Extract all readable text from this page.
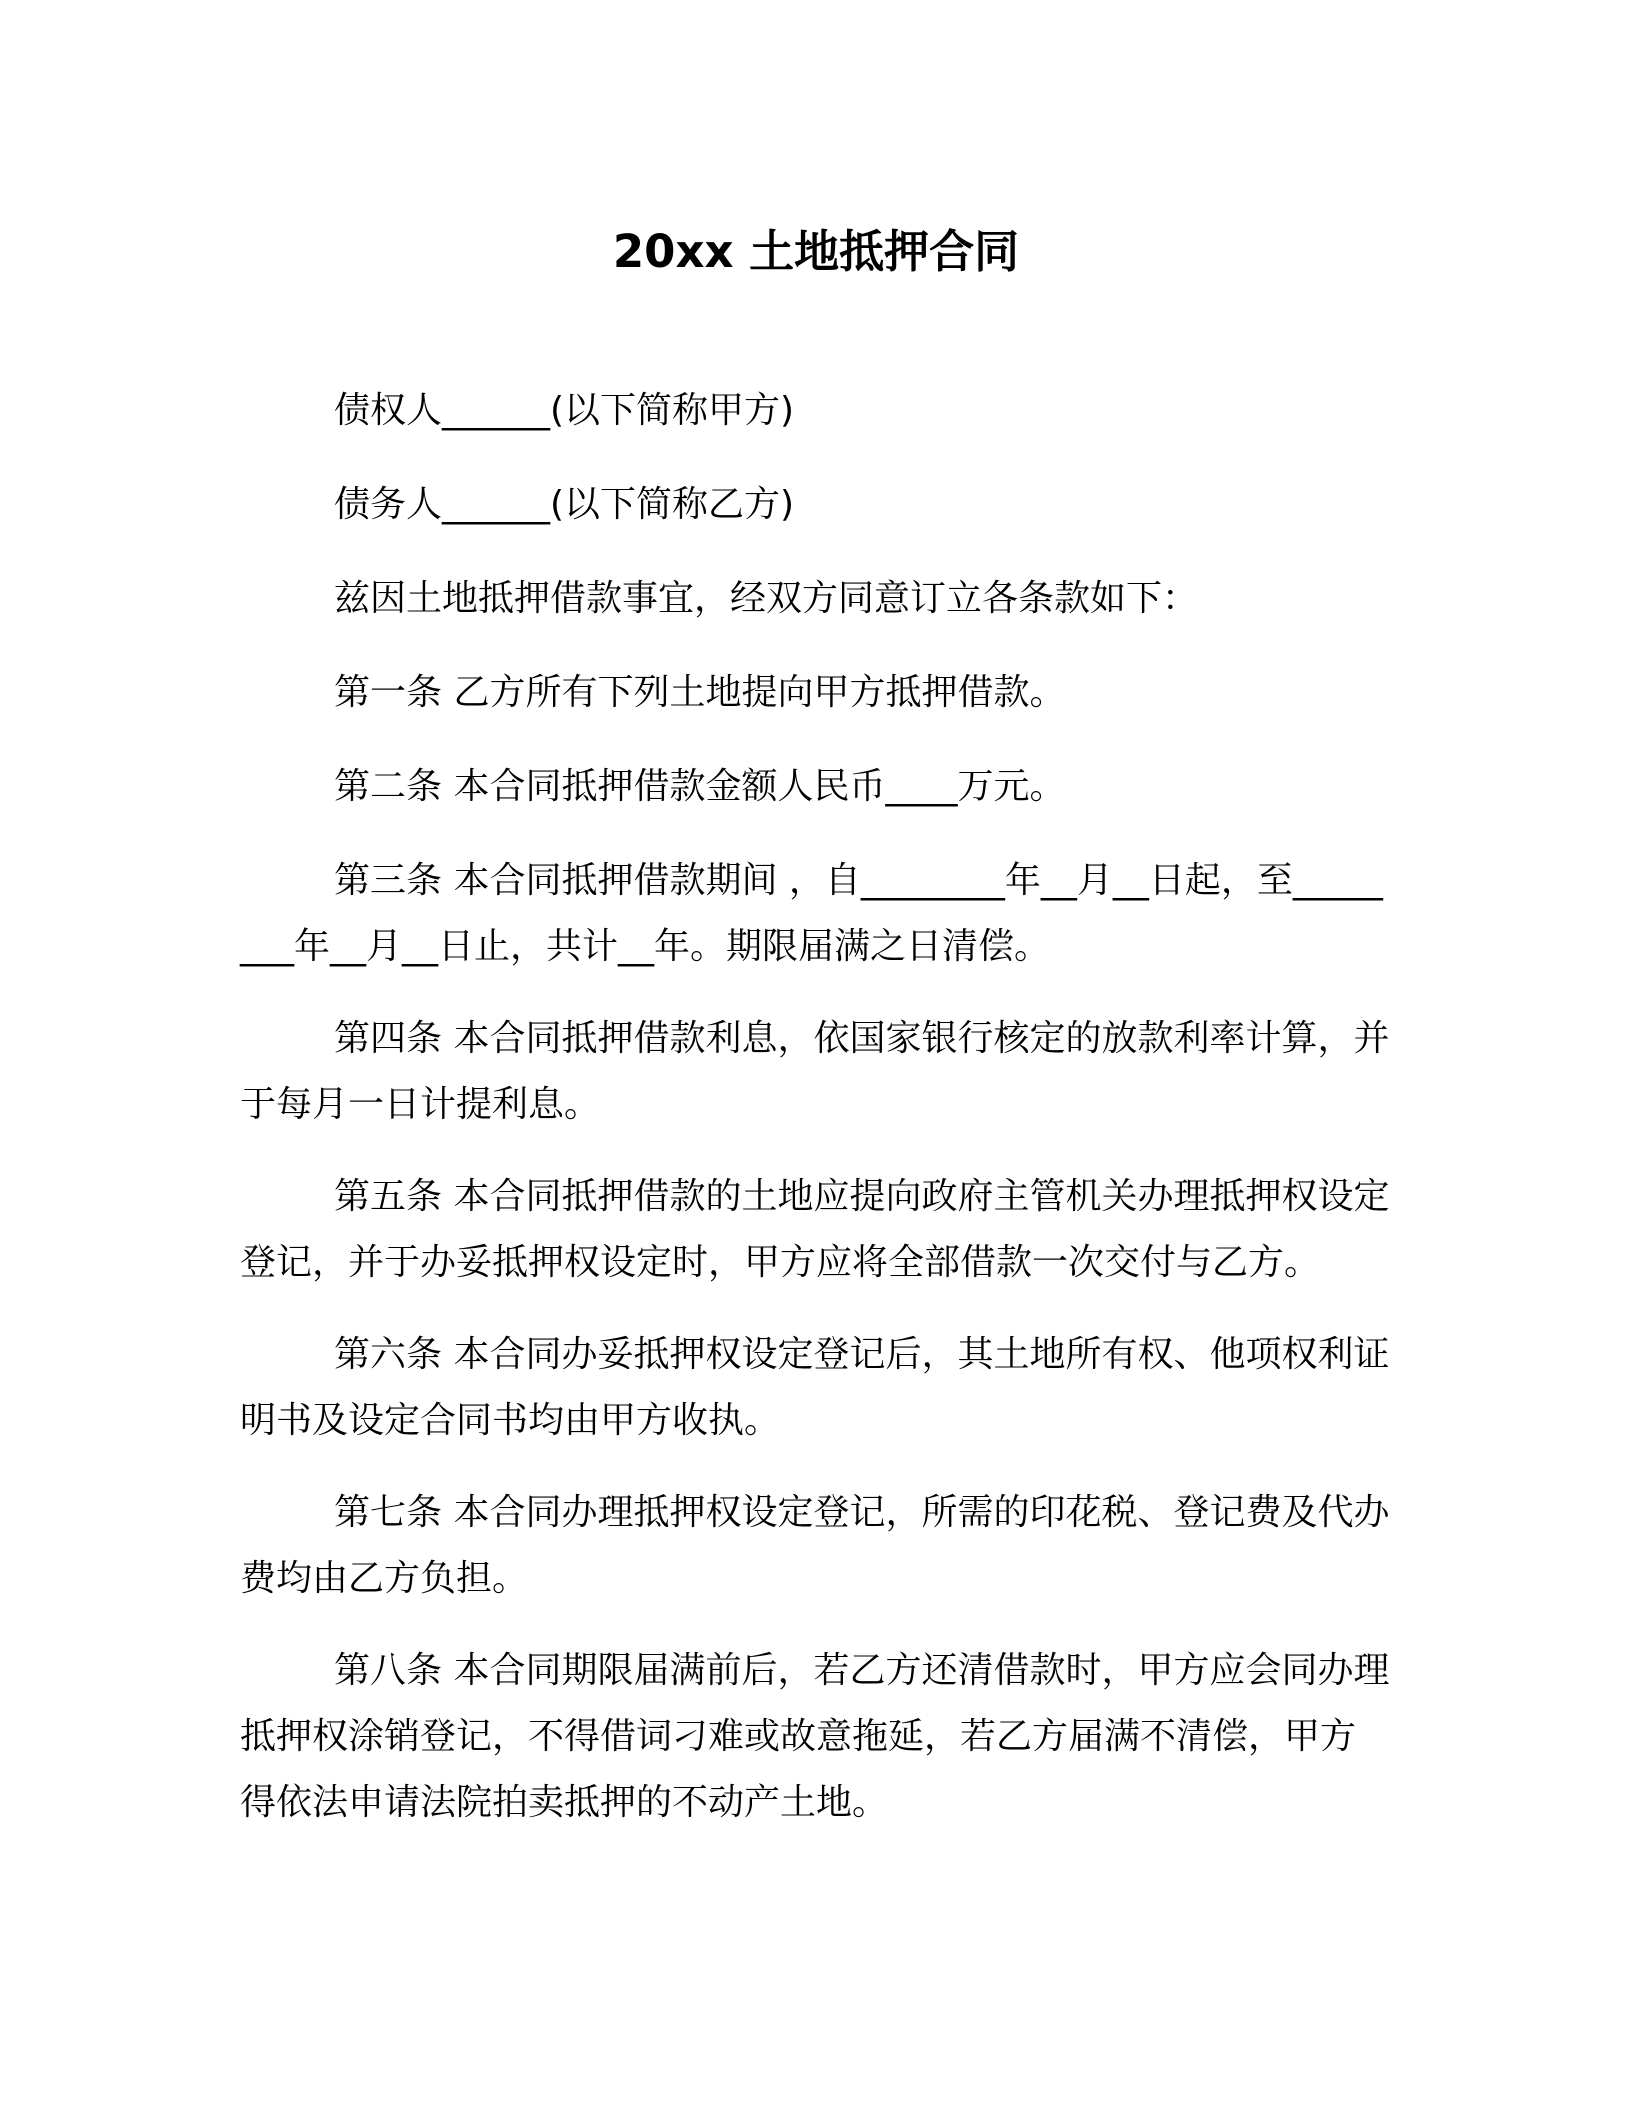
20xx 土地抵押合同

债权人______(以下简称甲方)

债务人______(以下简称乙方)

兹因土地抵押借款事宜，经双方同意订立各条款如下：

第一条 乙方所有下列土地提向甲方抵押借款。

第二条 本合同抵押借款金额人民币____万元。

第三条 本合同抵押借款期间 ，自________年__月__日起，至________年__月__日止，共计__年。期限届满之日清偿。

第四条 本合同抵押借款利息，依国家银行核定的放款利率计算，并于每月一日计提利息。

第五条 本合同抵押借款的土地应提向政府主管机关办理抵押权设定登记，并于办妥抵押权设定时，甲方应将全部借款一次交付与乙方。

第六条 本合同办妥抵押权设定登记后，其土地所有权、他项权利证明书及设定合同书均由甲方收执。

第七条 本合同办理抵押权设定登记，所需的印花税、登记费及代办费均由乙方负担。

第八条 本合同期限届满前后，若乙方还清借款时，甲方应会同办理抵押权涂销登记，不得借词刁难或故意拖延，若乙方届满不清偿，甲方得依法申请法院拍卖抵押的不动产土地。
